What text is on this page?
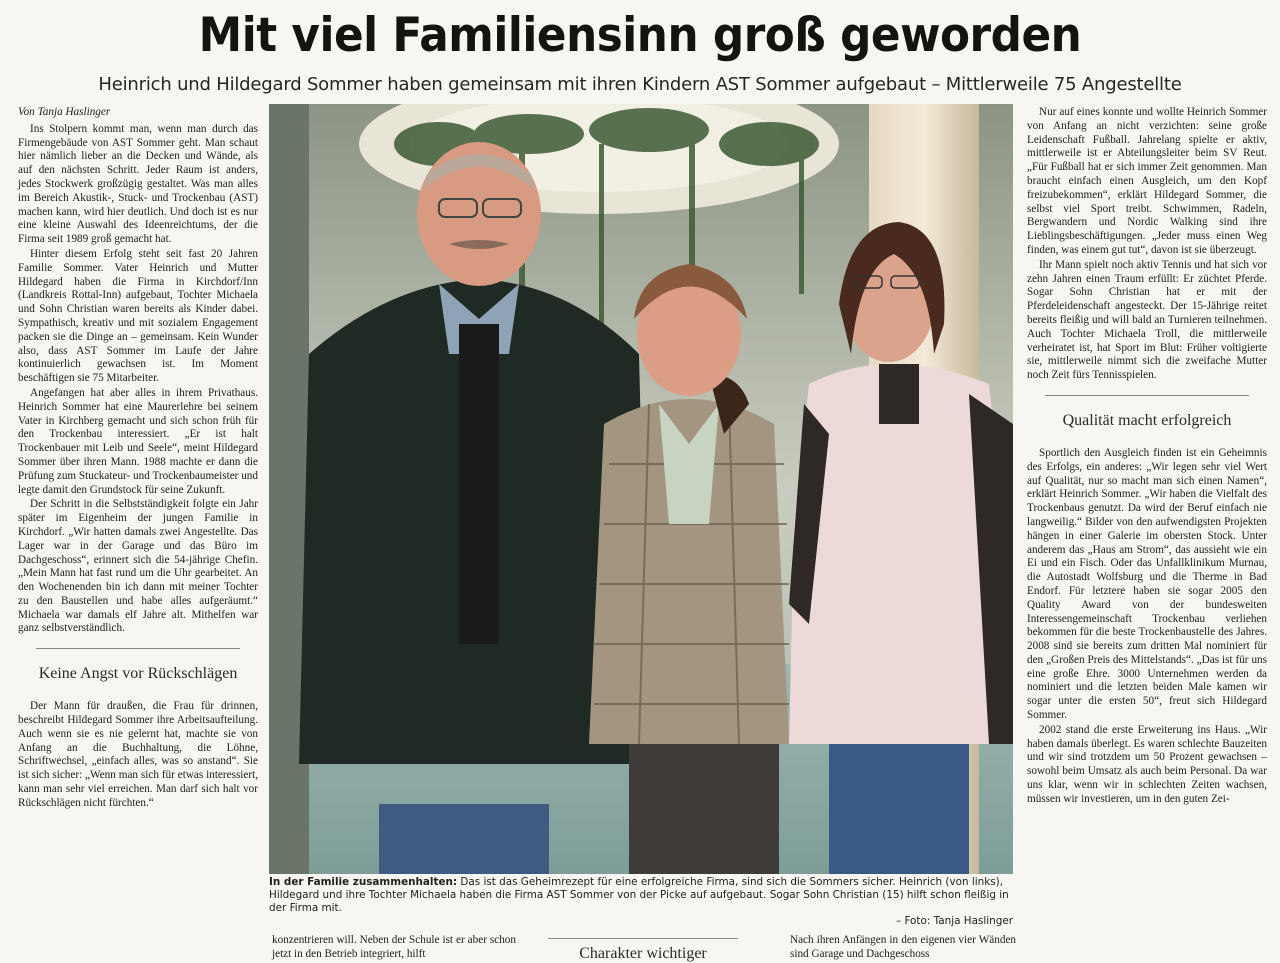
Mit viel Familiensinn groß geworden
Heinrich und Hildegard Sommer haben gemeinsam mit ihren Kindern AST Sommer aufgebaut – Mittlerweile 75 Angestellte

Von Tanja Haslinger

Ins Stolpern kommt man, wenn man durch das Firmengebäude von AST Sommer geht. Man schaut hier nämlich lieber an die Decken und Wände, als auf den nächsten Schritt. Jeder Raum ist anders, jedes Stockwerk großzügig gestaltet. Was man alles im Bereich Akustik-, Stuck- und Trockenbau (AST) machen kann, wird hier deutlich. Und doch ist es nur eine kleine Auswahl des Ideenreichtums, der die Firma seit 1989 groß gemacht hat.

Hinter diesem Erfolg steht seit fast 20 Jahren Familie Sommer. Vater Heinrich und Mutter Hildegard haben die Firma in Kirchdorf/Inn (Landkreis Rottal-Inn) aufgebaut, Tochter Michaela und Sohn Christian waren bereits als Kinder dabei. Sympathisch, kreativ und mit sozialem Engagement packen sie die Dinge an – gemeinsam. Kein Wunder also, dass AST Sommer im Laufe der Jahre kontinuierlich gewachsen ist. Im Moment beschäftigen sie 75 Mitarbeiter.

Angefangen hat aber alles in ihrem Privathaus. Heinrich Sommer hat eine Maurerlehre bei seinem Vater in Kirchberg gemacht und sich schon früh für den Trockenbau interessiert. „Er ist halt Trockenbauer mit Leib und Seele“, meint Hildegard Sommer über ihren Mann. 1988 machte er dann die Prüfung zum Stuckateur- und Trockenbaumeister und legte damit den Grundstock für seine Zukunft.

Der Schritt in die Selbstständigkeit folgte ein Jahr später im Eigenheim der jungen Familie in Kirchdorf. „Wir hatten damals zwei Angestellte. Das Lager war in der Garage und das Büro im Dachgeschoss“, erinnert sich die 54-jährige Chefin. „Mein Mann hat fast rund um die Uhr gearbeitet. An den Wochenenden bin ich dann mit meiner Tochter zu den Baustellen und habe alles aufgeräumt.“ Michaela war damals elf Jahre alt. Mithelfen war ganz selbstverständlich.

Keine Angst vor Rückschlägen

Der Mann für draußen, die Frau für drinnen, beschreibt Hildegard Sommer ihre Arbeitsaufteilung. Auch wenn sie es nie gelernt hat, machte sie von Anfang an die Buchhaltung, die Löhne, Schriftwechsel, „einfach alles, was so anstand“. Sie ist sich sicher: „Wenn man sich für etwas interessiert, kann man sehr viel erreichen. Man darf sich halt vor Rückschlägen nicht fürchten.“

In der Familie zusammenhalten: Das ist das Geheimrezept für eine erfolgreiche Firma, sind sich die Sommers sicher. Heinrich (von links), Hildegard und ihre Tochter Michaela haben die Firma AST Sommer von der Picke auf aufgebaut. Sogar Sohn Christian (15) hilft schon fleißig in der Firma mit.
– Foto: Tanja Haslinger

Nur auf eines konnte und wollte Heinrich Sommer von Anfang an nicht verzichten: seine große Leidenschaft Fußball. Jahrelang spielte er aktiv, mittlerweile ist er Abteilungsleiter beim SV Reut. „Für Fußball hat er sich immer Zeit genommen. Man braucht einfach einen Ausgleich, um den Kopf freizubekommen“, erklärt Hildegard Sommer, die selbst viel Sport treibt. Schwimmen, Radeln, Bergwandern und Nordic Walking sind ihre Lieblingsbeschäftigungen. „Jeder muss einen Weg finden, was einem gut tut“, davon ist sie überzeugt.

Ihr Mann spielt noch aktiv Tennis und hat sich vor zehn Jahren einen Traum erfüllt: Er züchtet Pferde. Sogar Sohn Christian hat er mit der Pferdeleidenschaft angesteckt. Der 15-Jährige reitet bereits fleißig und will bald an Turnieren teilnehmen. Auch Tochter Michaela Troll, die mittlerweile verheiratet ist, hat Sport im Blut: Früher voltigierte sie, mittlerweile nimmt sich die zweifache Mutter noch Zeit fürs Tennisspielen.

Qualität macht erfolgreich

Sportlich den Ausgleich finden ist ein Geheimnis des Erfolgs, ein anderes: „Wir legen sehr viel Wert auf Qualität, nur so macht man sich einen Namen“, erklärt Heinrich Sommer. „Wir haben die Vielfalt des Trockenbaus genutzt. Da wird der Beruf einfach nie langweilig.“ Bilder von den aufwendigsten Projekten hängen in einer Galerie im obersten Stock. Unter anderem das „Haus am Strom“, das aussieht wie ein Ei und ein Fisch. Oder das Unfallklinikum Murnau, die Autostadt Wolfsburg und die Therme in Bad Endorf. Für letztere haben sie sogar 2005 den Quality Award von der bundesweiten Interessengemeinschaft Trockenbau verliehen bekommen für die beste Trockenbaustelle des Jahres. 2008 sind sie bereits zum dritten Mal nominiert für den „Großen Preis des Mittelstands“. „Das ist für uns eine große Ehre. 3000 Unternehmen werden da nominiert und die letzten beiden Male kamen wir sogar unter die ersten 50“, freut sich Hildegard Sommer.

2002 stand die erste Erweiterung ins Haus. „Wir haben damals überlegt. Es waren schlechte Bauzeiten und wir sind trotzdem um 50 Prozent gewachsen – sowohl beim Umsatz als auch beim Personal. Da war uns klar, wenn wir in schlechten Zeiten wachsen, müssen wir investieren, um in den guten Zei-

konzentrieren will. Neben der Schule ist er aber schon jetzt in den Betrieb integriert, hilft	Charakter wichtiger
Nach ihren Anfängen in den eigenen vier Wänden sind Garage und Dachgeschoss
